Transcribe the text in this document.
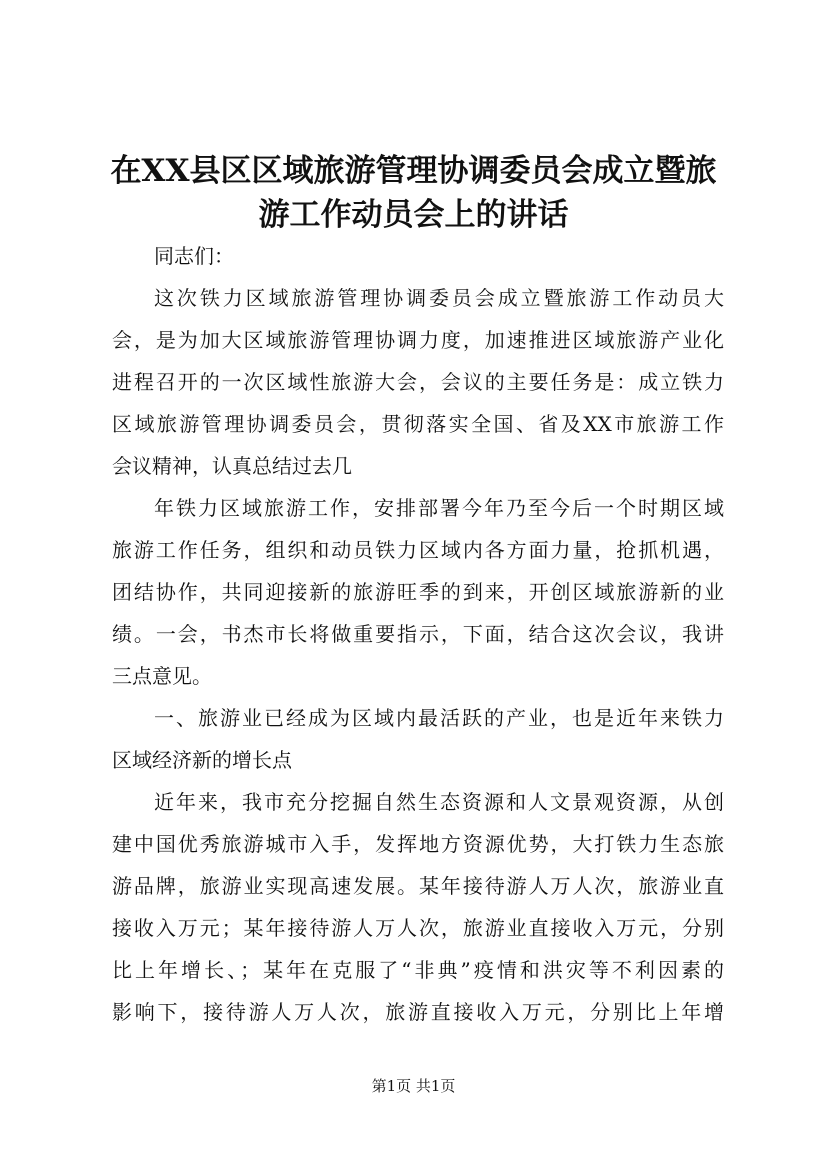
在XX县区区域旅游管理协调委员会成立暨旅
游工作动员会上的讲话

同志们：

这次铁力区域旅游管理协调委员会成立暨旅游工作动员大

会，是为加大区域旅游管理协调力度，加速推进区域旅游产业化

进程召开的一次区域性旅游大会，会议的主要任务是：成立铁力

区域旅游管理协调委员会，贯彻落实全国、省及XX市旅游工作

会议精神，认真总结过去几

年铁力区域旅游工作，安排部署今年乃至今后一个时期区域

旅游工作任务，组织和动员铁力区域内各方面力量，抢抓机遇，

团结协作，共同迎接新的旅游旺季的到来，开创区域旅游新的业

绩。一会，书杰市长将做重要指示，下面，结合这次会议，我讲

三点意见。

一、旅游业已经成为区域内最活跃的产业，也是近年来铁力

区域经济新的增长点

近年来，我市充分挖掘自然生态资源和人文景观资源，从创

建中国优秀旅游城市入手，发挥地方资源优势，大打铁力生态旅

游品牌，旅游业实现高速发展。某年接待游人万人次，旅游业直

接收入万元；某年接待游人万人次，旅游业直接收入万元，分别

比上年增长、；某年在克服了“非典”疫情和洪灾等不利因素的

影响下，接待游人万人次，旅游直接收入万元，分别比上年增

第1页 共1页
